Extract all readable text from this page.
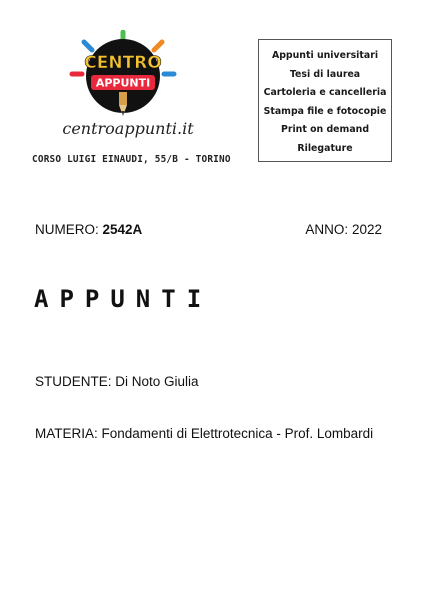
CENTRO
APPUNTI
centroappunti.it
CORSO LUIGI EINAUDI, 55/B - TORINO
Appunti universitari
Tesi di laurea
Cartoleria e cancelleria
Stampa file e fotocopie
Print on demand
Rilegature
NUMERO: 2542A	ANNO: 2022
APPUNTI
STUDENTE: Di Noto Giulia
MATERIA: Fondamenti di Elettrotecnica - Prof. Lombardi
